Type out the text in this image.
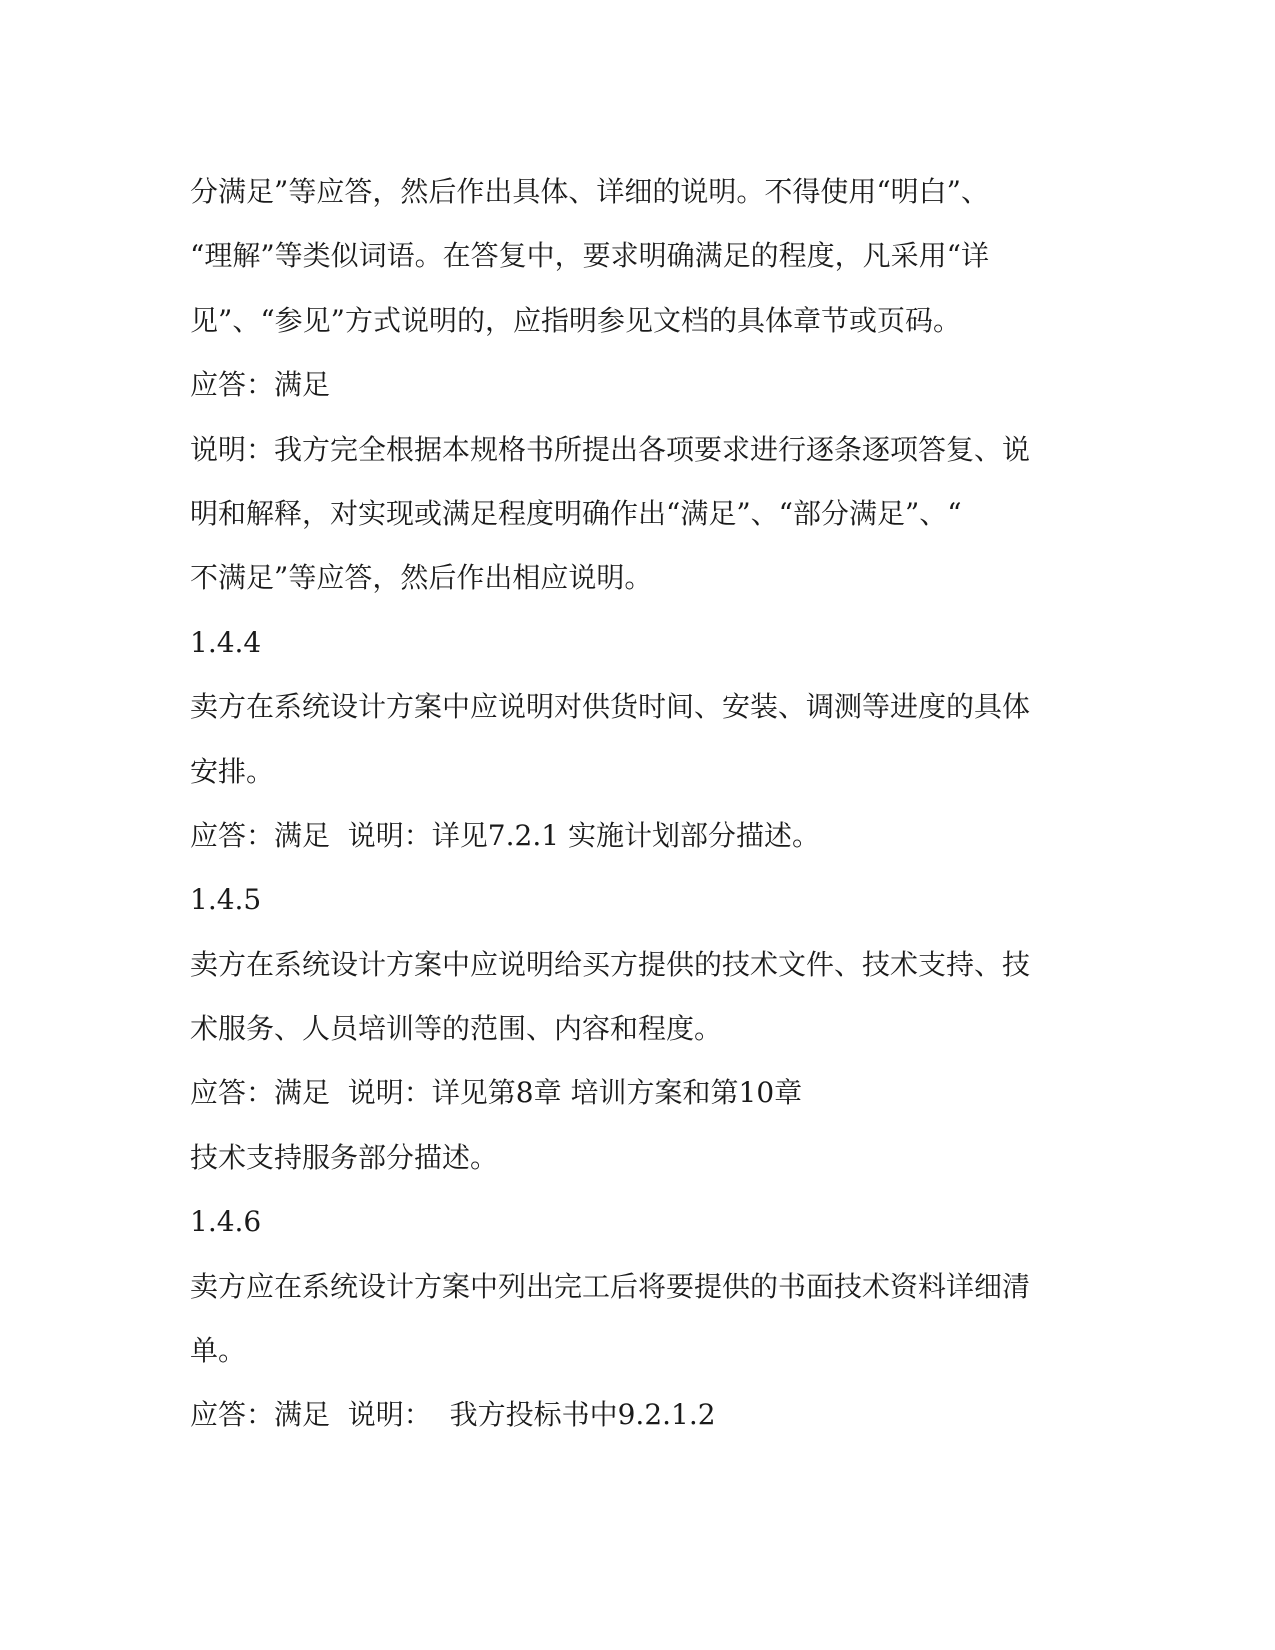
分满足”等应答，然后作出具体、详细的说明。不得使用“明白”、
“理解”等类似词语。在答复中，要求明确满足的程度，凡采用“详
见”、“参见”方式说明的，应指明参见文档的具体章节或页码。
应答：满足
说明：我方完全根据本规格书所提出各项要求进行逐条逐项答复、说
明和解释，对实现或满足程度明确作出“满足”、“部分满足”、“
不满足”等应答，然后作出相应说明。
1.4.4
卖方在系统设计方案中应说明对供货时间、安装、调测等进度的具体
安排。
应答：满足  说明：详见7.2.1 实施计划部分描述。
1.4.5
卖方在系统设计方案中应说明给买方提供的技术文件、技术支持、技
术服务、人员培训等的范围、内容和程度。
应答：满足  说明：详见第8章 培训方案和第10章
技术支持服务部分描述。
1.4.6
卖方应在系统设计方案中列出完工后将要提供的书面技术资料详细清
单。
应答：满足  说明：  我方投标书中9.2.1.2
